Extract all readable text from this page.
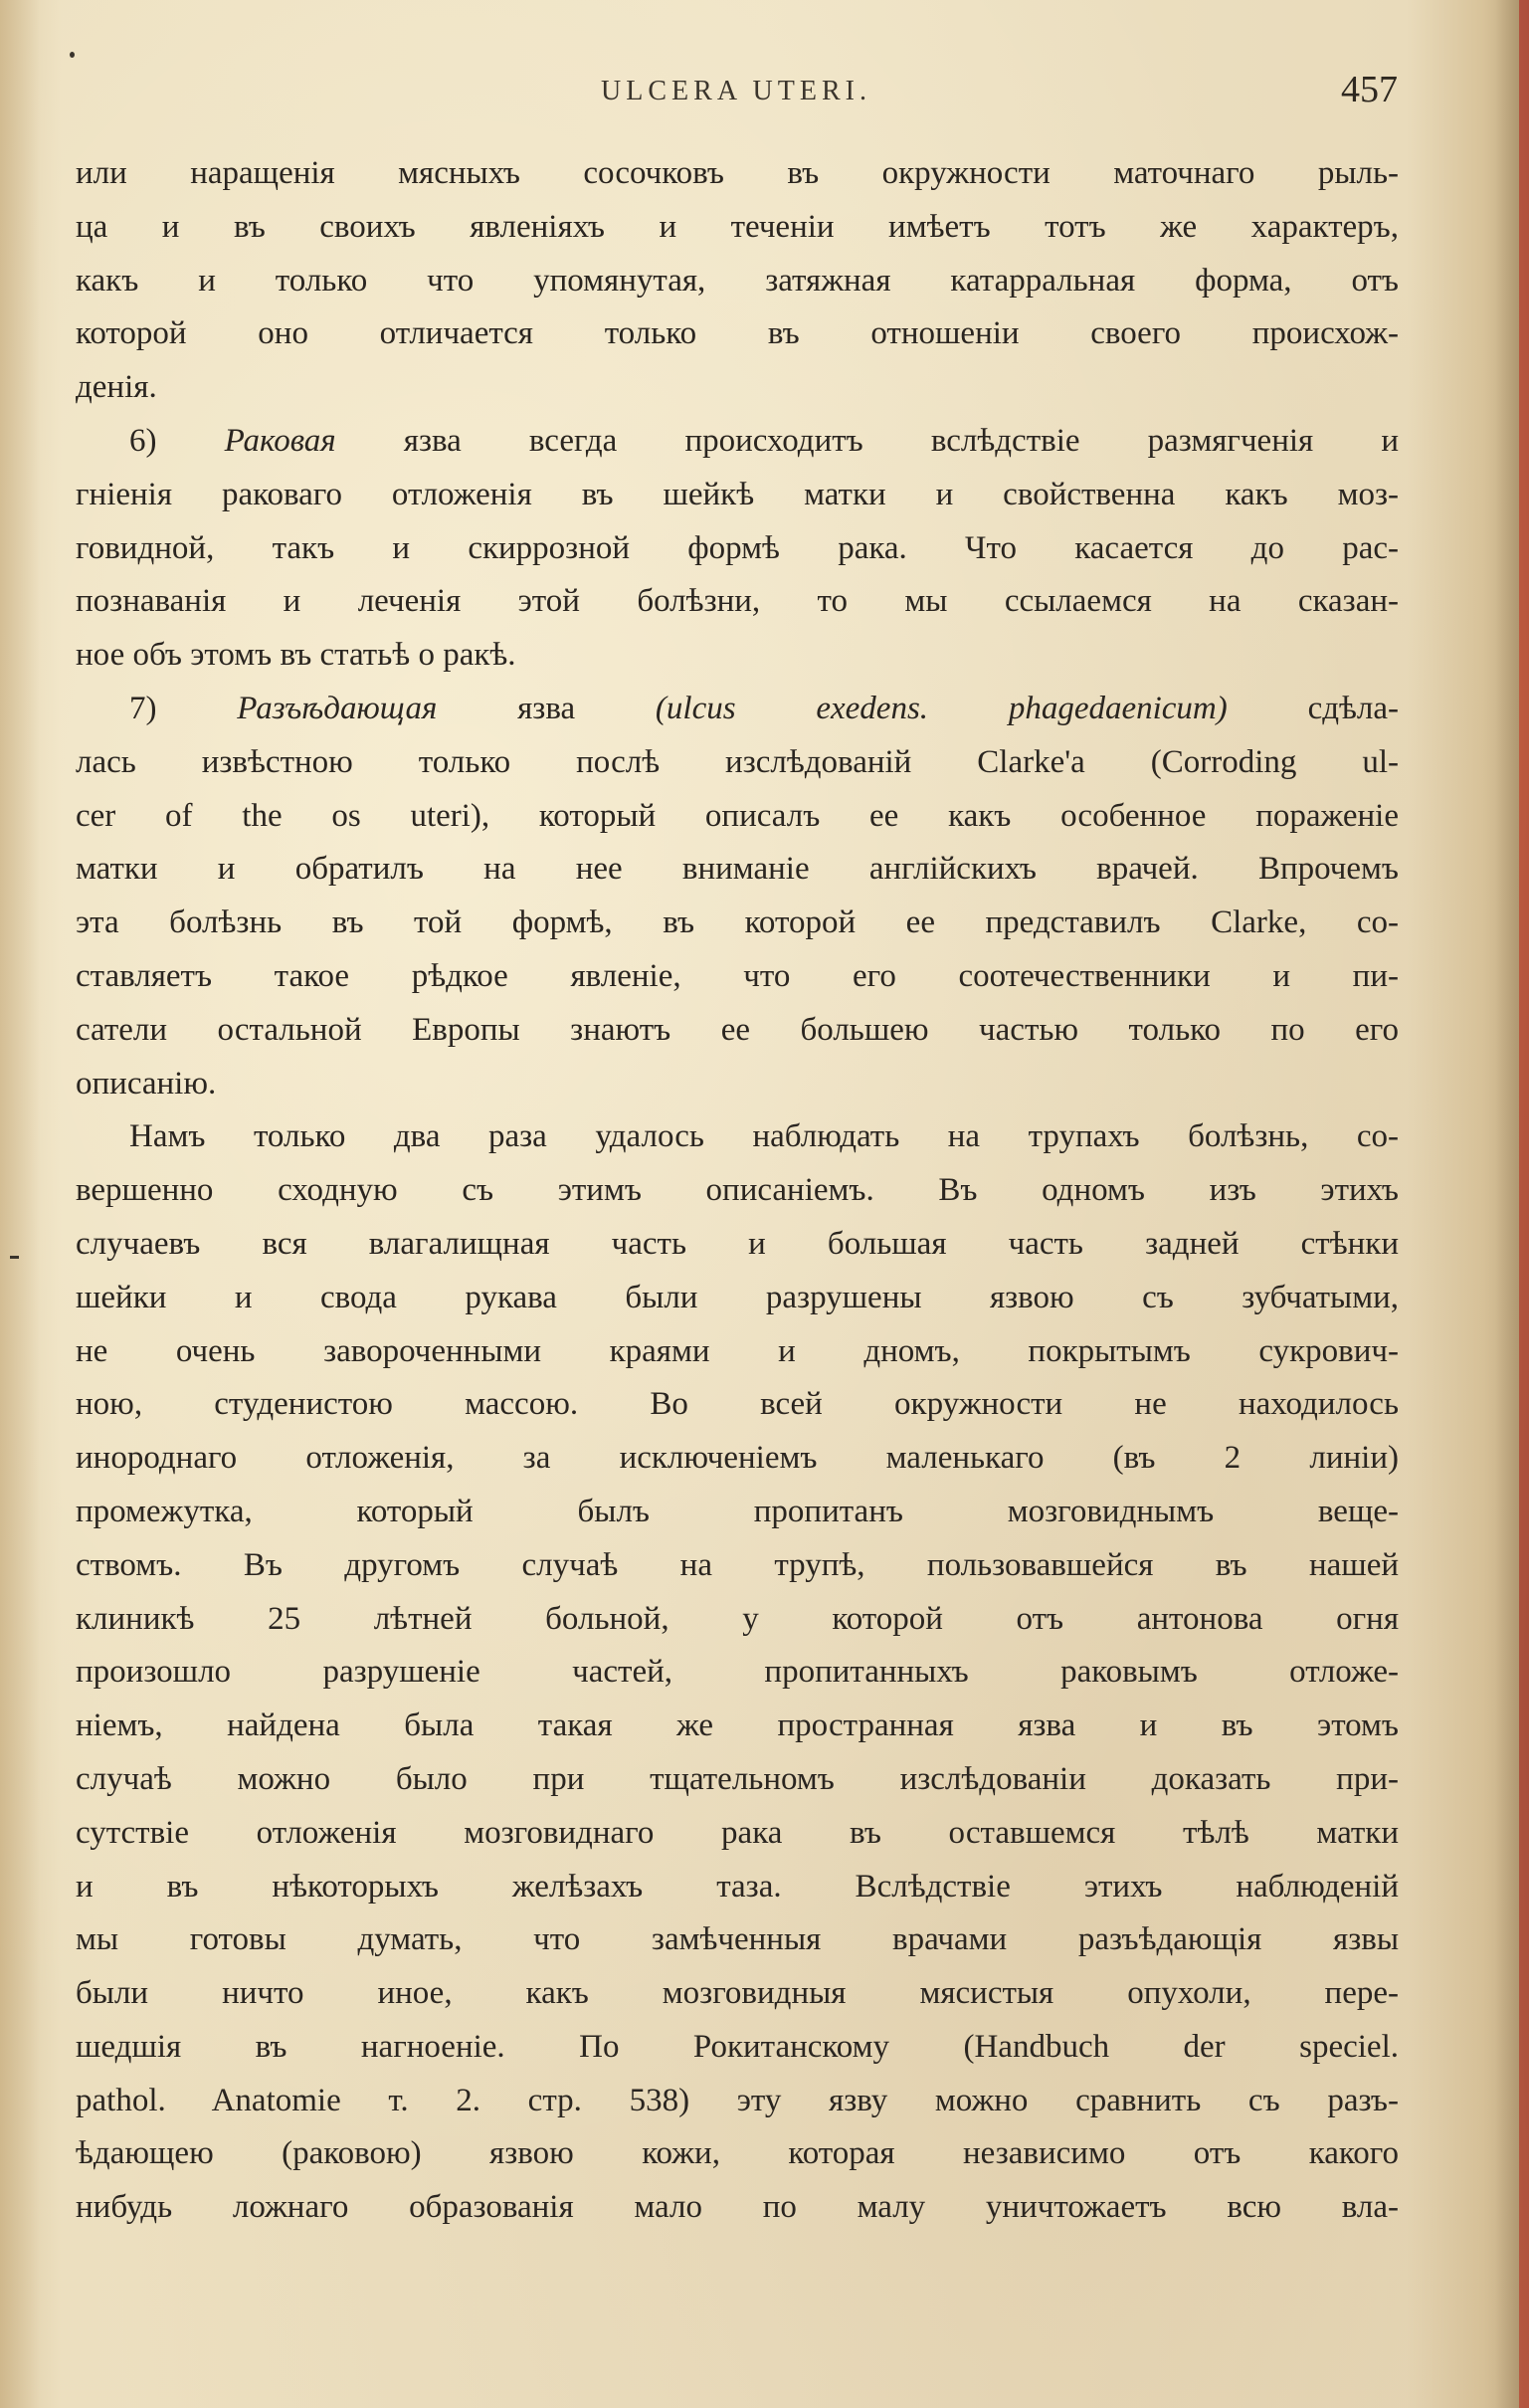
ULCERA UTERI.	457

или наращенія мясныхъ сосочковъ въ окружности маточнаго рыль-
ца и въ своихъ явленіяхъ и теченіи имѣетъ тотъ же характеръ,
какъ и только что упомянутая, затяжная катарральная форма, отъ
которой оно отличается только въ отношеніи своего происхож-
денія.

6) Раковая язва всегда происходитъ вслѣдствіе размягченія и
гніенія раковаго отложенія въ шейкѣ матки и свойственна какъ моз-
говидной, такъ и скиррозной формѣ рака. Что касается до рас-
познаванія и леченія этой болѣзни, то мы ссылаемся на сказан-
ное объ этомъ въ статьѣ о ракѣ.

7) Разъѣдающая язва (ulcus exedens. phagedaenicum) сдѣла-
лась извѣстною только послѣ изслѣдованій Clarke'а (Corroding ul-
cer of the os uteri), который описалъ ее какъ особенное пораженіе
матки и обратилъ на нее вниманіе англійскихъ врачей. Впрочемъ
эта болѣзнь въ той формѣ, въ которой ее представилъ Clarke, со-
ставляетъ такое рѣдкое явленіе, что его соотечественники и пи-
сатели остальной Европы знаютъ ее большею частью только по его
описанію.

Намъ только два раза удалось наблюдать на трупахъ болѣзнь, со-
вершенно сходную съ этимъ описаніемъ. Въ одномъ изъ этихъ
случаевъ вся влагалищная часть и большая часть задней стѣнки
шейки и свода рукава были разрушены язвою съ зубчатыми,
не очень завороченными краями и дномъ, покрытымъ сукрович-
ною, студенистою массою. Во всей окружности не находилось
инороднаго отложенія, за исключеніемъ маленькаго (въ 2 линіи)
промежутка, который былъ пропитанъ мозговиднымъ веще-
ствомъ. Въ другомъ случаѣ на трупѣ, пользовавшейся въ нашей
клиникѣ 25 лѣтней больной, у которой отъ антонова огня
произошло разрушеніе частей, пропитанныхъ раковымъ отложе-
ніемъ, найдена была такая же пространная язва и въ этомъ
случаѣ можно было при тщательномъ изслѣдованіи доказать при-
сутствіе отложенія мозговиднаго рака въ оставшемся тѣлѣ матки
и въ нѣкоторыхъ желѣзахъ таза. Вслѣдствіе этихъ наблюденій
мы готовы думать, что замѣченныя врачами разъѣдающія язвы
были ничто иное, какъ мозговидныя мясистыя опухоли, пере-
шедшія въ нагноеніе. По Рокитанскому (Handbuch der speciel.
pathol. Anatomie т. 2. стр. 538) эту язву можно сравнить съ разъ-
ѣдающею (раковою) язвою кожи, которая независимо отъ какого
нибудь ложнаго образованія мало по малу уничтожаетъ всю вла-
